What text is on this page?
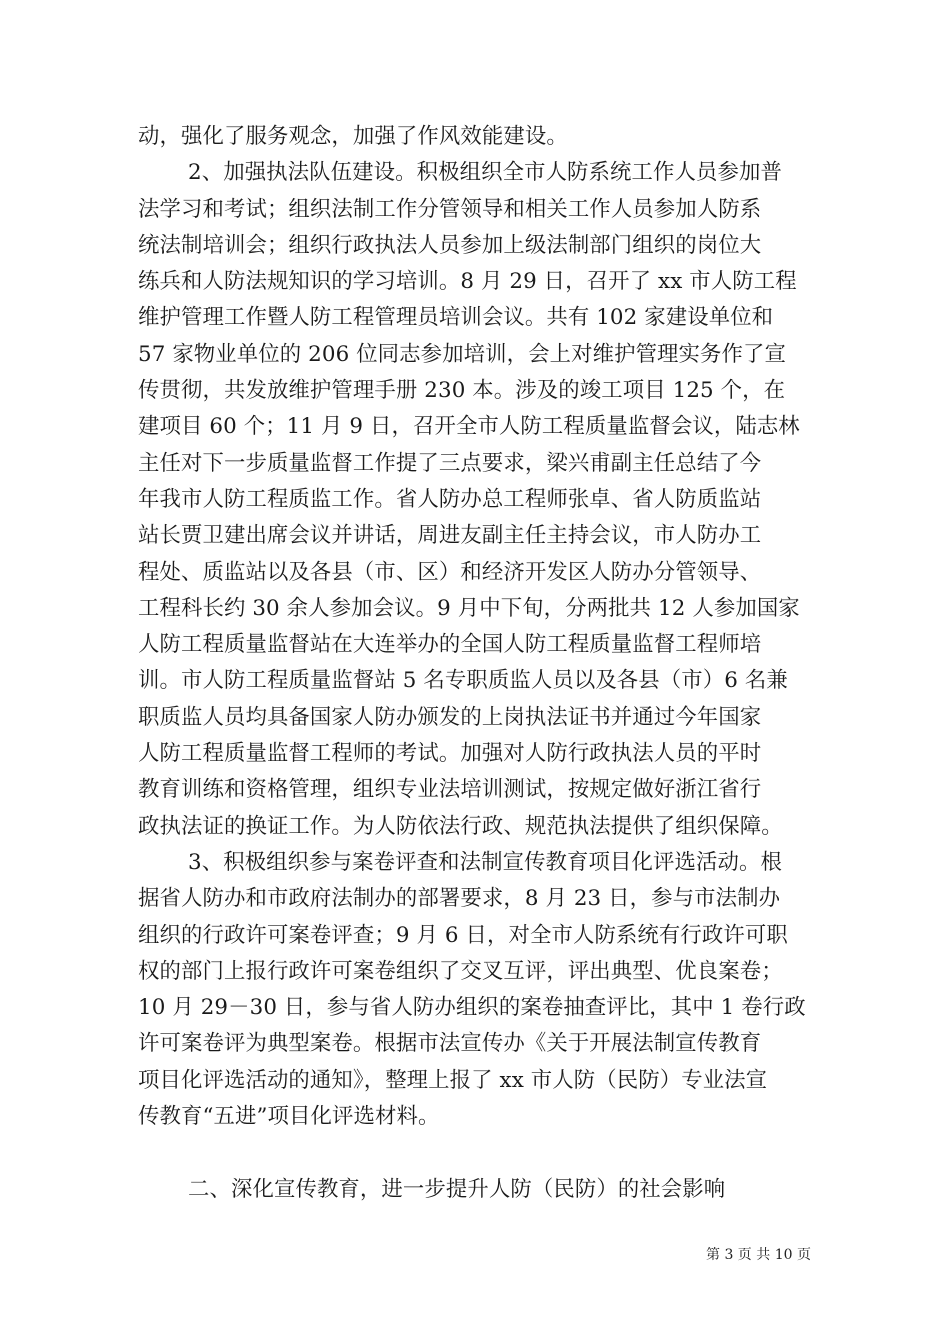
动，强化了服务观念，加强了作风效能建设。
2、加强执法队伍建设。积极组织全市人防系统工作人员参加普
法学习和考试；组织法制工作分管领导和相关工作人员参加人防系
统法制培训会；组织行政执法人员参加上级法制部门组织的岗位大
练兵和人防法规知识的学习培训。8 月 29 日，召开了 xx 市人防工程
维护管理工作暨人防工程管理员培训会议。共有 102 家建设单位和
57 家物业单位的 206 位同志参加培训，会上对维护管理实务作了宣
传贯彻，共发放维护管理手册 230 本。涉及的竣工项目 125 个，在
建项目 60 个；11 月 9 日，召开全市人防工程质量监督会议，陆志林
主任对下一步质量监督工作提了三点要求，梁兴甫副主任总结了今
年我市人防工程质监工作。省人防办总工程师张卓、省人防质监站
站长贾卫建出席会议并讲话，周进友副主任主持会议，市人防办工
程处、质监站以及各县（市、区）和经济开发区人防办分管领导、
工程科长约 30 余人参加会议。9 月中下旬，分两批共 12 人参加国家
人防工程质量监督站在大连举办的全国人防工程质量监督工程师培
训。市人防工程质量监督站 5 名专职质监人员以及各县（市）6 名兼
职质监人员均具备国家人防办颁发的上岗执法证书并通过今年国家
人防工程质量监督工程师的考试。加强对人防行政执法人员的平时
教育训练和资格管理，组织专业法培训测试，按规定做好浙江省行
政执法证的换证工作。为人防依法行政、规范执法提供了组织保障。
3、积极组织参与案卷评查和法制宣传教育项目化评选活动。根
据省人防办和市政府法制办的部署要求，8 月 23 日，参与市法制办
组织的行政许可案卷评查；9 月 6 日，对全市人防系统有行政许可职
权的部门上报行政许可案卷组织了交叉互评，评出典型、优良案卷；
10 月 29－30 日，参与省人防办组织的案卷抽查评比，其中 1 卷行政
许可案卷评为典型案卷。根据市法宣传办《关于开展法制宣传教育
项目化评选活动的通知》，整理上报了 xx 市人防（民防）专业法宣
传教育“五进”项目化评选材料。
二、深化宣传教育，进一步提升人防（民防）的社会影响
第 3 页 共 10 页
